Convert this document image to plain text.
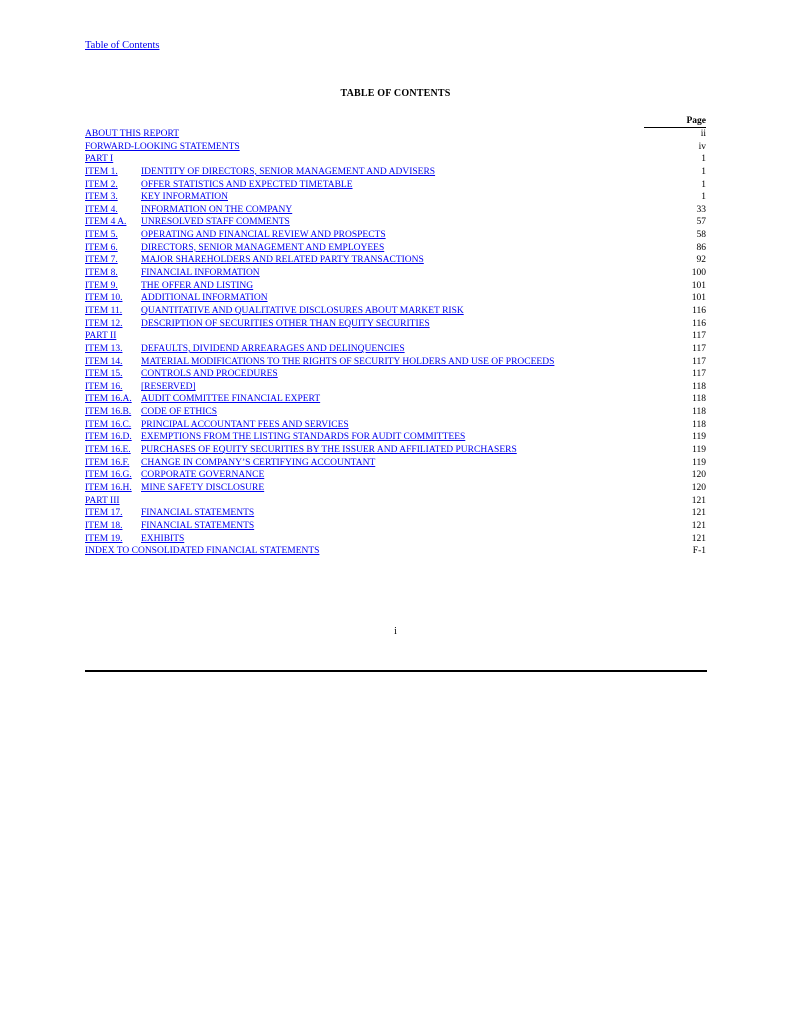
Table of Contents
TABLE OF CONTENTS
Page
ABOUT THIS REPORT	ii
FORWARD-LOOKING STATEMENTS	iv
PART I	1
ITEM 1. IDENTITY OF DIRECTORS, SENIOR MANAGEMENT AND ADVISERS	1
ITEM 2. OFFER STATISTICS AND EXPECTED TIMETABLE	1
ITEM 3. KEY INFORMATION	1
ITEM 4. INFORMATION ON THE COMPANY	33
ITEM 4 A. UNRESOLVED STAFF COMMENTS	57
ITEM 5. OPERATING AND FINANCIAL REVIEW AND PROSPECTS	58
ITEM 6. DIRECTORS, SENIOR MANAGEMENT AND EMPLOYEES	86
ITEM 7. MAJOR SHAREHOLDERS AND RELATED PARTY TRANSACTIONS	92
ITEM 8. FINANCIAL INFORMATION	100
ITEM 9. THE OFFER AND LISTING	101
ITEM 10. ADDITIONAL INFORMATION	101
ITEM 11. QUANTITATIVE AND QUALITATIVE DISCLOSURES ABOUT MARKET RISK	116
ITEM 12. DESCRIPTION OF SECURITIES OTHER THAN EQUITY SECURITIES	116
PART II	117
ITEM 13. DEFAULTS, DIVIDEND ARREARAGES AND DELINQUENCIES	117
ITEM 14. MATERIAL MODIFICATIONS TO THE RIGHTS OF SECURITY HOLDERS AND USE OF PROCEEDS	117
ITEM 15. CONTROLS AND PROCEDURES	117
ITEM 16. [RESERVED]	118
ITEM 16.A. AUDIT COMMITTEE FINANCIAL EXPERT	118
ITEM 16.B. CODE OF ETHICS	118
ITEM 16.C. PRINCIPAL ACCOUNTANT FEES AND SERVICES	118
ITEM 16.D. EXEMPTIONS FROM THE LISTING STANDARDS FOR AUDIT COMMITTEES	119
ITEM 16.E. PURCHASES OF EQUITY SECURITIES BY THE ISSUER AND AFFILIATED PURCHASERS	119
ITEM 16.F. CHANGE IN COMPANY’S CERTIFYING ACCOUNTANT	119
ITEM 16.G. CORPORATE GOVERNANCE	120
ITEM 16.H. MINE SAFETY DISCLOSURE	120
PART III	121
ITEM 17. FINANCIAL STATEMENTS	121
ITEM 18. FINANCIAL STATEMENTS	121
ITEM 19. EXHIBITS	121
INDEX TO CONSOLIDATED FINANCIAL STATEMENTS	F-1
i
